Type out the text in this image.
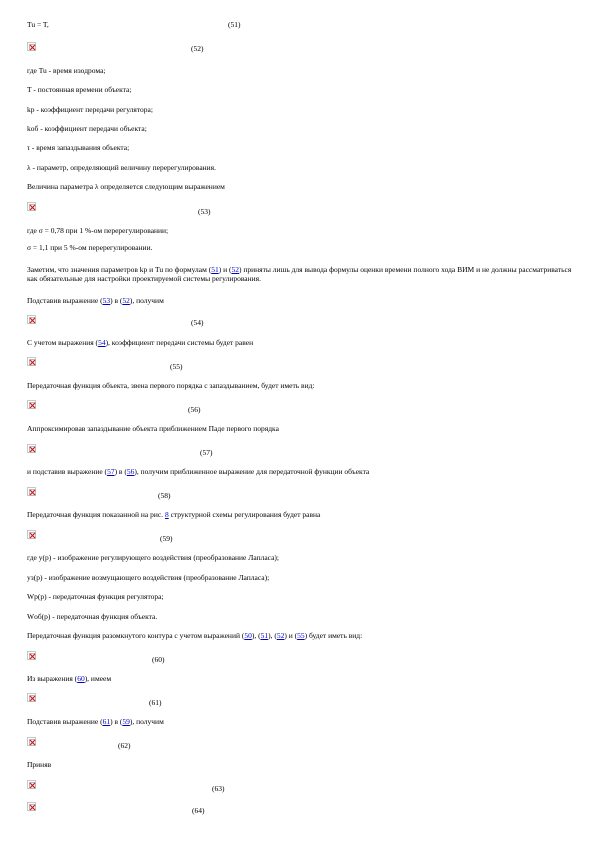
Tu = T,	(51)
(52)
где Tu - время изодрома;
T - постоянная времени объекта;
kp - коэффициент передачи регулятора;
kоб - коэффициент передачи объекта;
τ - время запаздывания объекта;
λ - параметр, определяющий величину перерегулирования.
Величина параметра λ определяется следующим выражением
(53)
где σ = 0,78 при 1 %-ом перерегулировании;
σ = 1,1 при 5 %-ом перерегулировании.
Заметим, что значения параметров kp и Tu по формулам (51) и (52) приняты лишь для вывода формулы оценки времени полного хода ВИМ и не должны рассматриваться как обязательные для настройки проектируемой системы регулирования.
Подставив выражение (53) в (52), получим
(54)
С учетом выражения (54), коэффициент передачи системы будет равен
(55)
Передаточная функция объекта, звена первого порядка с запаздыванием, будет иметь вид:
(56)
Аппроксимировав запаздывание объекта приближением Паде первого порядка
(57)
и подставив выражение (57) в (56), получим приближенное выражение для передаточной функции объекта
(58)
Передаточная функция показанной на рис. 8 структурной схемы регулирования будет равна
(59)
где y(p) - изображение регулирующего воздействия (преобразование Лапласа);
yз(p) - изображение возмущающего воздействия (преобразование Лапласа);
Wp(p) - передаточная функция регулятора;
Wоб(p) - передаточная функция объекта.
Передаточная функция разомкнутого контура с учетом выражений (50), (51), (52) и (55) будет иметь вид:
(60)
Из выражения (60), имеем
(61)
Подставив выражение (61) в (59), получим
(62)
Приняв
(63)
(64)
